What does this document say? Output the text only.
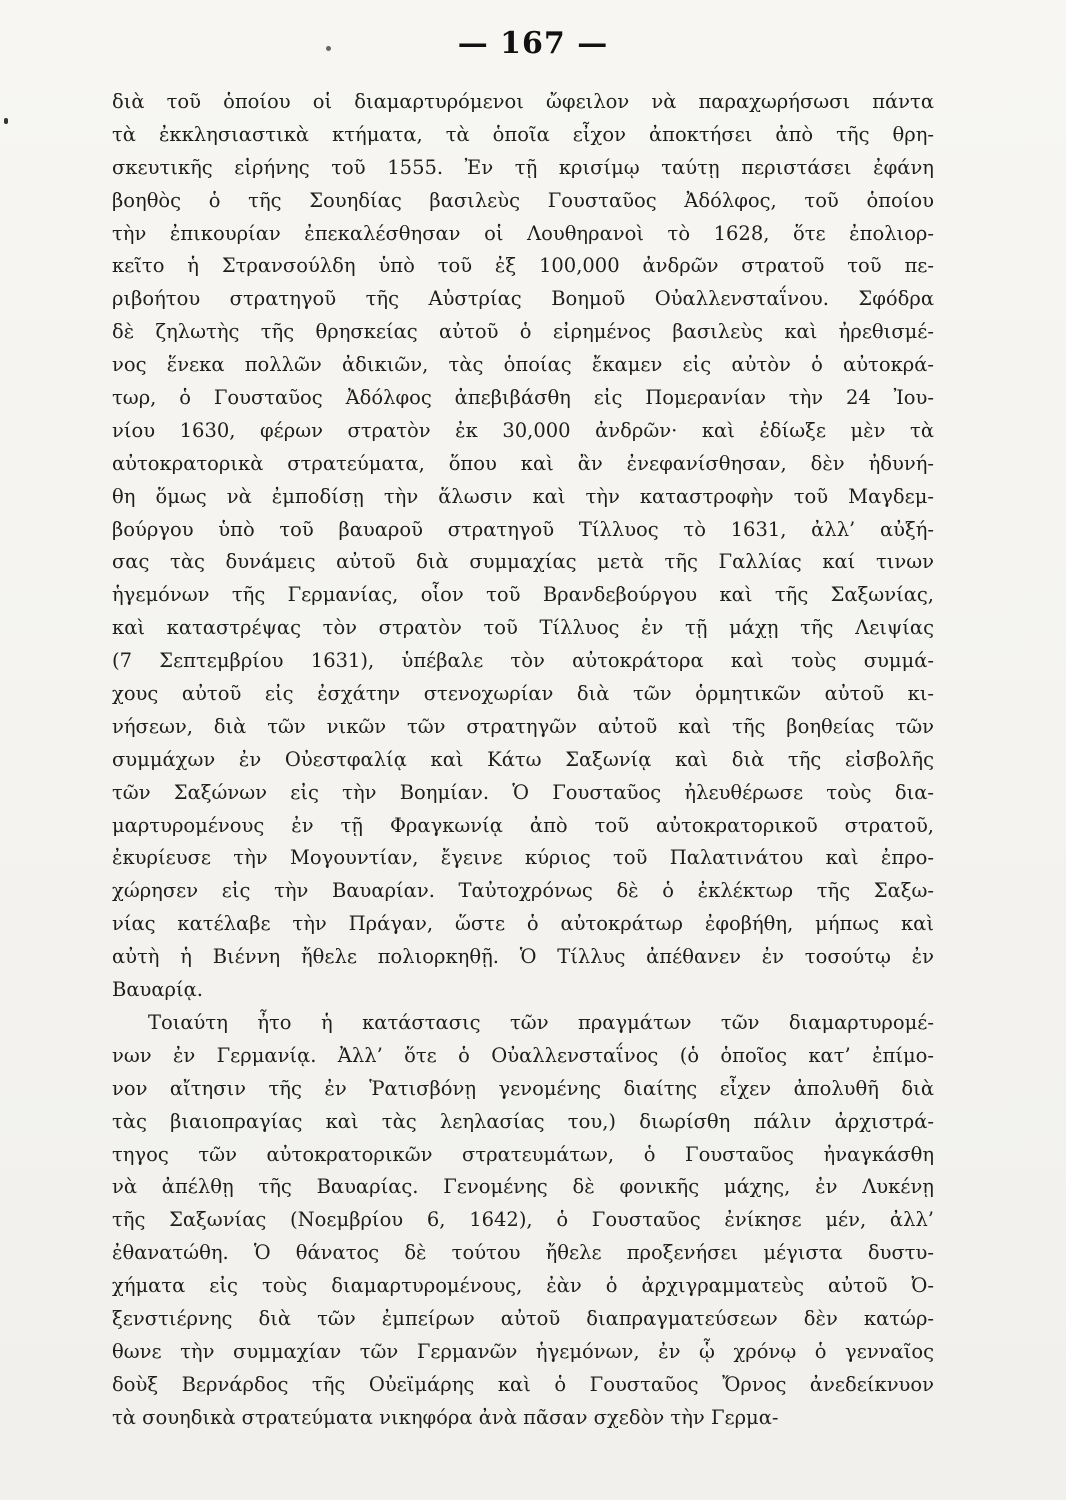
— 167 —
διὰ τοῦ ὁποίου οἱ διαμαρτυρόμενοι ὤφειλον νὰ παραχωρήσωσι πάντα
τὰ ἐκκλησιαστικὰ κτήματα, τὰ ὁποῖα εἶχον ἀποκτήσει ἀπὸ τῆς θρη-
σκευτικῆς εἰρήνης τοῦ 1555. Ἐν τῇ κρισίμῳ ταύτῃ περιστάσει ἐφάνη
βοηθὸς ὁ τῆς Σουηδίας βασιλεὺς Γουσταῦος Ἀδόλφος, τοῦ ὁποίου
τὴν ἐπικουρίαν ἐπεκαλέσθησαν οἱ Λουθηρανοὶ τὸ 1628, ὅτε ἐπολιορ-
κεῖτο ἡ Στρανσούλδη ὑπὸ τοῦ ἐξ 100,000 ἀνδρῶν στρατοῦ τοῦ πε-
ριβοήτου στρατηγοῦ τῆς Αὐστρίας Βοημοῦ Οὐαλλενσταΐνου. Σφόδρα
δὲ ζηλωτὴς τῆς θρησκείας αὐτοῦ ὁ εἰρημένος βασιλεὺς καὶ ἠρεθισμέ-
νος ἕνεκα πολλῶν ἀδικιῶν, τὰς ὁποίας ἔκαμεν εἰς αὐτὸν ὁ αὐτοκρά-
τωρ, ὁ Γουσταῦος Ἀδόλφος ἀπεβιβάσθη εἰς Πομερανίαν τὴν 24 Ἰου-
νίου 1630, φέρων στρατὸν ἐκ 30,000 ἀνδρῶν· καὶ ἐδίωξε μὲν τὰ
αὐτοκρατορικὰ στρατεύματα, ὅπου καὶ ἂν ἐνεφανίσθησαν, δὲν ἠδυνή-
θη ὅμως νὰ ἐμποδίσῃ τὴν ἅλωσιν καὶ τὴν καταστροφὴν τοῦ Μαγδεμ-
βούργου ὑπὸ τοῦ βαυαροῦ στρατηγοῦ Τίλλυος τὸ 1631, ἀλλ’ αὐξή-
σας τὰς δυνάμεις αὐτοῦ διὰ συμμαχίας μετὰ τῆς Γαλλίας καί τινων
ἡγεμόνων τῆς Γερμανίας, οἷον τοῦ Βρανδεβούργου καὶ τῆς Σαξωνίας,
καὶ καταστρέψας τὸν στρατὸν τοῦ Τίλλυος ἐν τῇ μάχῃ τῆς Λειψίας
(7 Σεπτεμβρίου 1631), ὑπέβαλε τὸν αὐτοκράτορα καὶ τοὺς συμμά-
χους αὐτοῦ εἰς ἐσχάτην στενοχωρίαν διὰ τῶν ὁρμητικῶν αὐτοῦ κι-
νήσεων, διὰ τῶν νικῶν τῶν στρατηγῶν αὐτοῦ καὶ τῆς βοηθείας τῶν
συμμάχων ἐν Οὐεστφαλίᾳ καὶ Κάτω Σαξωνίᾳ καὶ διὰ τῆς εἰσβολῆς
τῶν Σαξώνων εἰς τὴν Βοημίαν. Ὁ Γουσταῦος ἠλευθέρωσε τοὺς δια-
μαρτυρομένους ἐν τῇ Φραγκωνίᾳ ἀπὸ τοῦ αὐτοκρατορικοῦ στρατοῦ,
ἐκυρίευσε τὴν Μογουντίαν, ἔγεινε κύριος τοῦ Παλατινάτου καὶ ἐπρο-
χώρησεν εἰς τὴν Βαυαρίαν. Ταὐτοχρόνως δὲ ὁ ἐκλέκτωρ τῆς Σαξω-
νίας κατέλαβε τὴν Πράγαν, ὥστε ὁ αὐτοκράτωρ ἐφοβήθη, μήπως καὶ
αὐτὴ ἡ Βιέννη ἤθελε πολιορκηθῇ. Ὁ Τίλλυς ἀπέθανεν ἐν τοσούτῳ ἐν
Βαυαρίᾳ.
Τοιαύτη ἦτο ἡ κατάστασις τῶν πραγμάτων τῶν διαμαρτυρομέ-
νων ἐν Γερμανίᾳ. Ἀλλ’ ὅτε ὁ Οὐαλλενσταΐνος (ὁ ὁποῖος κατ’ ἐπίμο-
νον αἴτησιν τῆς ἐν Ῥατισβόνῃ γενομένης διαίτης εἶχεν ἀπολυθῆ διὰ
τὰς βιαιοπραγίας καὶ τὰς λεηλασίας του,) διωρίσθη πάλιν ἀρχιστρά-
τηγος τῶν αὐτοκρατορικῶν στρατευμάτων, ὁ Γουσταῦος ἠναγκάσθη
νὰ ἀπέλθῃ τῆς Βαυαρίας. Γενομένης δὲ φονικῆς μάχης, ἐν Λυκένῃ
τῆς Σαξωνίας (Νοεμβρίου 6, 1642), ὁ Γουσταῦος ἐνίκησε μέν, ἀλλ’
ἐθανατώθη. Ὁ θάνατος δὲ τούτου ἤθελε προξενήσει μέγιστα δυστυ-
χήματα εἰς τοὺς διαμαρτυρομένους, ἐὰν ὁ ἀρχιγραμματεὺς αὐτοῦ Ὀ-
ξενστιέρνης διὰ τῶν ἐμπείρων αὐτοῦ διαπραγματεύσεων δὲν κατώρ-
θωνε τὴν συμμαχίαν τῶν Γερμανῶν ἡγεμόνων, ἐν ᾧ χρόνῳ ὁ γενναῖος
δοὺξ Βερνάρδος τῆς Οὐεϊμάρης καὶ ὁ Γουσταῦος Ὄρνος ἀνεδείκνυον
τὰ σουηδικὰ στρατεύματα νικηφόρα ἀνὰ πᾶσαν σχεδὸν τὴν Γερμα-
